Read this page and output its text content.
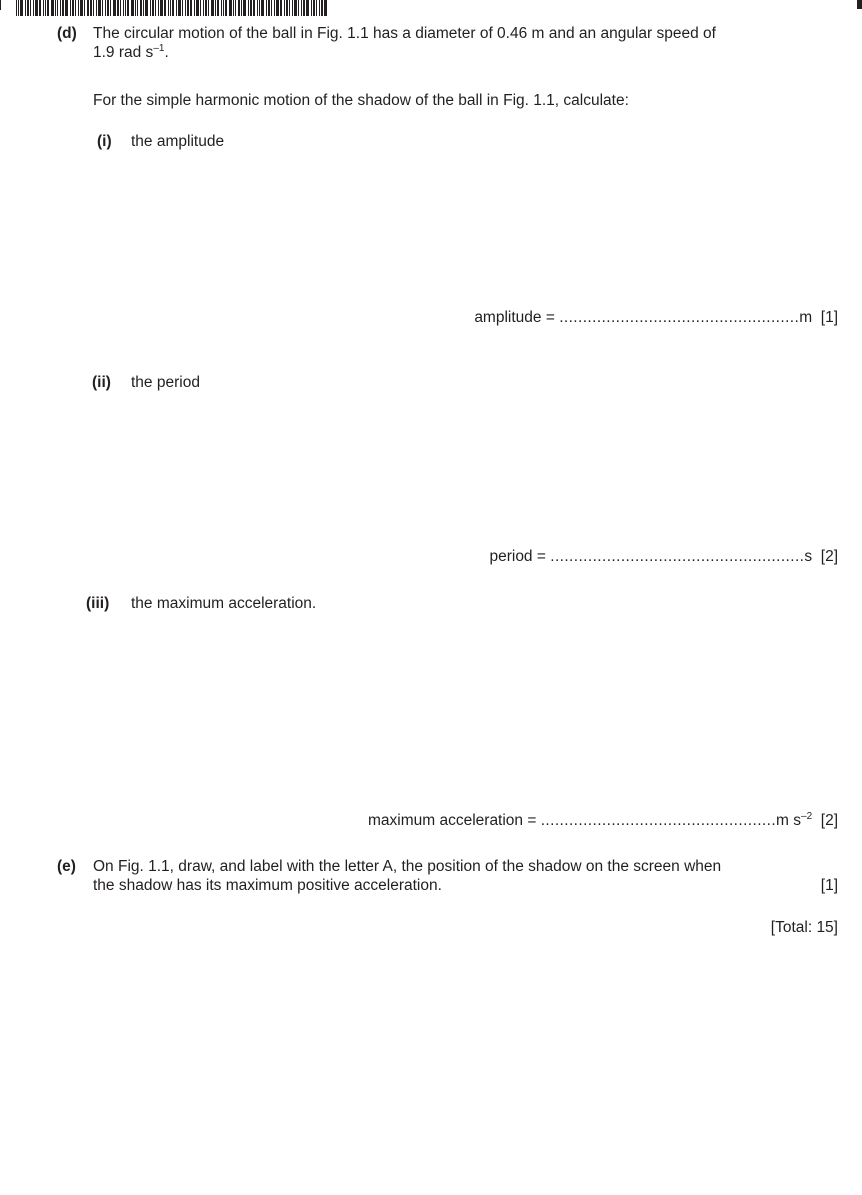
(d) The circular motion of the ball in Fig. 1.1 has a diameter of 0.46 m and an angular speed of
1.9 rad $s^{-1}$.
For the simple harmonic motion of the shadow of the ball in Fig. 1.1, calculate:
(i) the amplitude
amplitude = ...................................................m [1]
(ii) the period
period = ......................................................s [2]
(iii) the maximum acceleration.
maximum acceleration = ..................................................m $s^{-2}$ [2]
(e) On Fig. 1.1, draw, and label with the letter A, the position of the shadow on the screen when
the shadow has its maximum positive acceleration.	[1]
[Total: 15]
